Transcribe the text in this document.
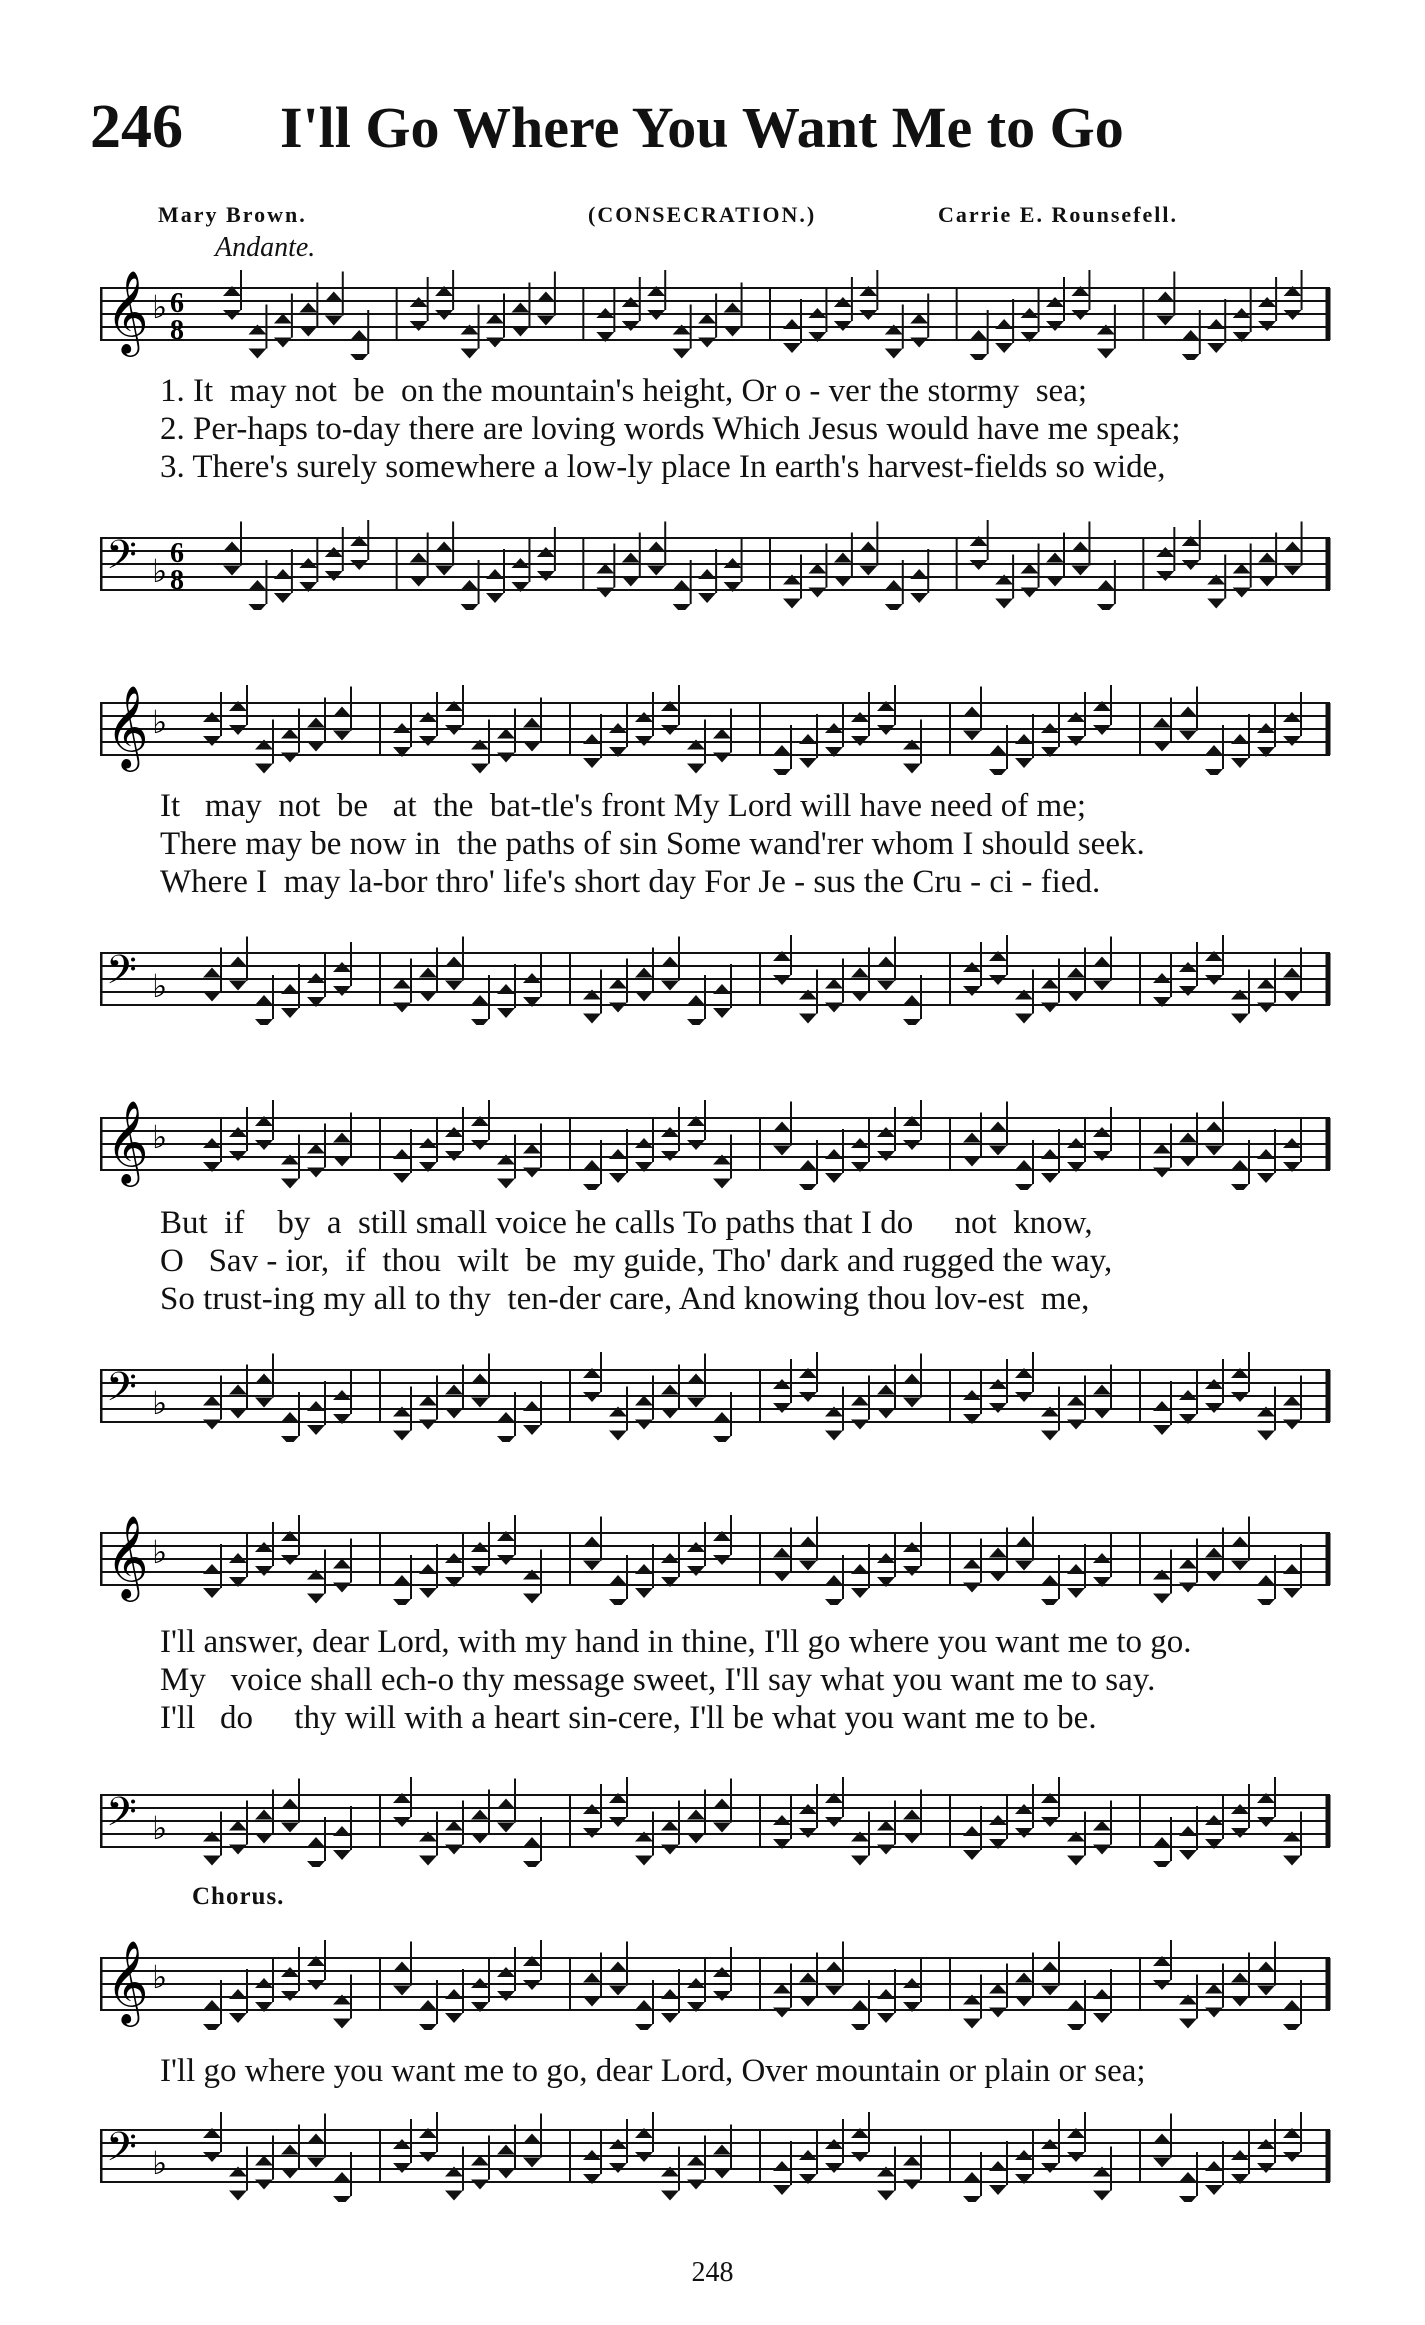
246 I'll Go Where You Want Me to Go
Mary Brown.	(CONSECRATION.)	Carrie E. Rounsefell.
Andante.
𝄞 ♭ 6
8
1. It  may not  be  on the mountain's height, Or o - ver the stormy  sea;
2. Per-haps to-day there are loving words Which Jesus would have me speak;
3. There's surely somewhere a low-ly place In earth's harvest-fields so wide,
𝄢 ♭ 6
8
𝄞 ♭
It   may  not  be   at  the  bat-tle's front My Lord will have need of me;
There may be now in  the paths of sin Some wand'rer whom I should seek.
Where I  may la-bor thro' life's short day For Je - sus the Cru - ci - fied.
𝄢 ♭
𝄞 ♭
But  if    by  a  still small voice he calls To paths that I do     not  know,
O   Sav - ior,  if  thou  wilt  be  my guide, Tho' dark and rugged the way,
So trust-ing my all to thy  ten-der care, And knowing thou lov-est  me,
𝄢 ♭
𝄞 ♭
I'll answer, dear Lord, with my hand in thine, I'll go where you want me to go.
My   voice shall ech-o thy message sweet, I'll say what you want me to say.
I'll   do     thy will with a heart sin-cere, I'll be what you want me to be.
𝄢 ♭
Chorus.
𝄞 ♭
I'll go where you want me to go, dear Lord, Over mountain or plain or sea;
𝄢 ♭
248
